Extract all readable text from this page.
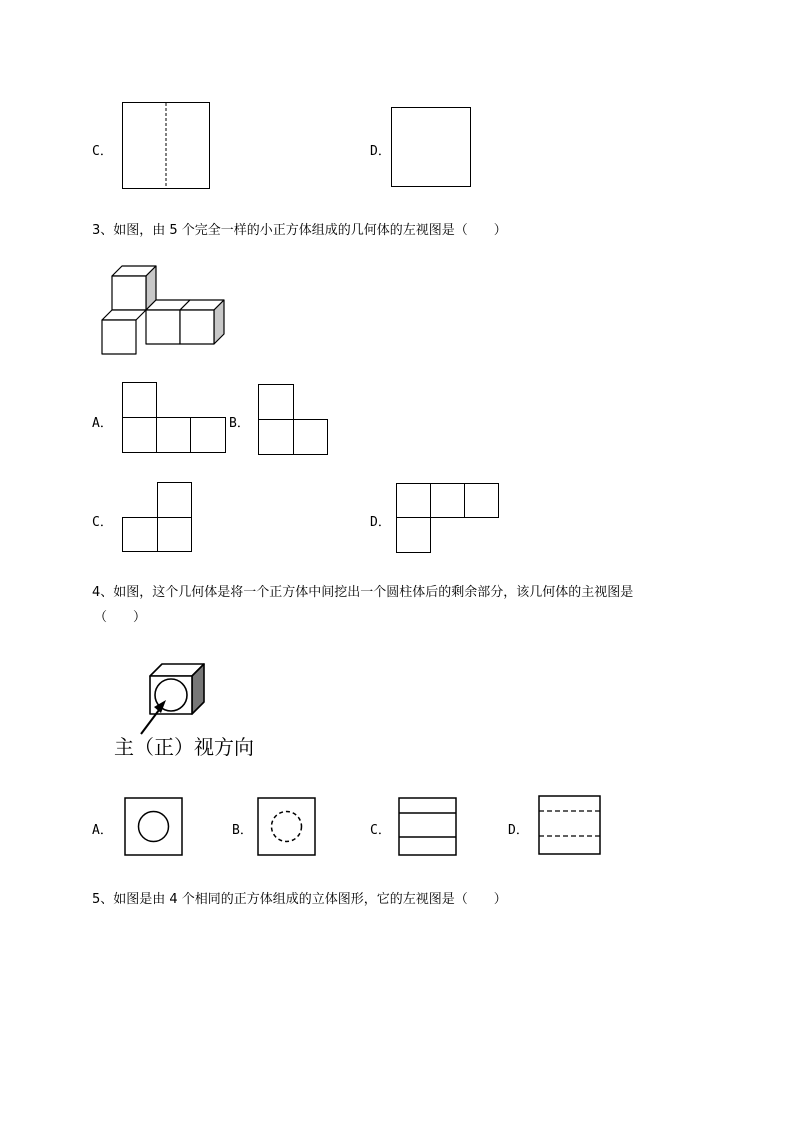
C．	D．
3、如图，由 5 个完全一样的小正方体组成的几何体的左视图是（　　）
A．	B．
C．	D．
4、如图，这个几何体是将一个正方体中间挖出一个圆柱体后的剩余部分，该几何体的主视图是
（　　）
主（正）视方向
A．	B．	C．	D．
5、如图是由 4 个相同的正方体组成的立体图形，它的左视图是（　　）
